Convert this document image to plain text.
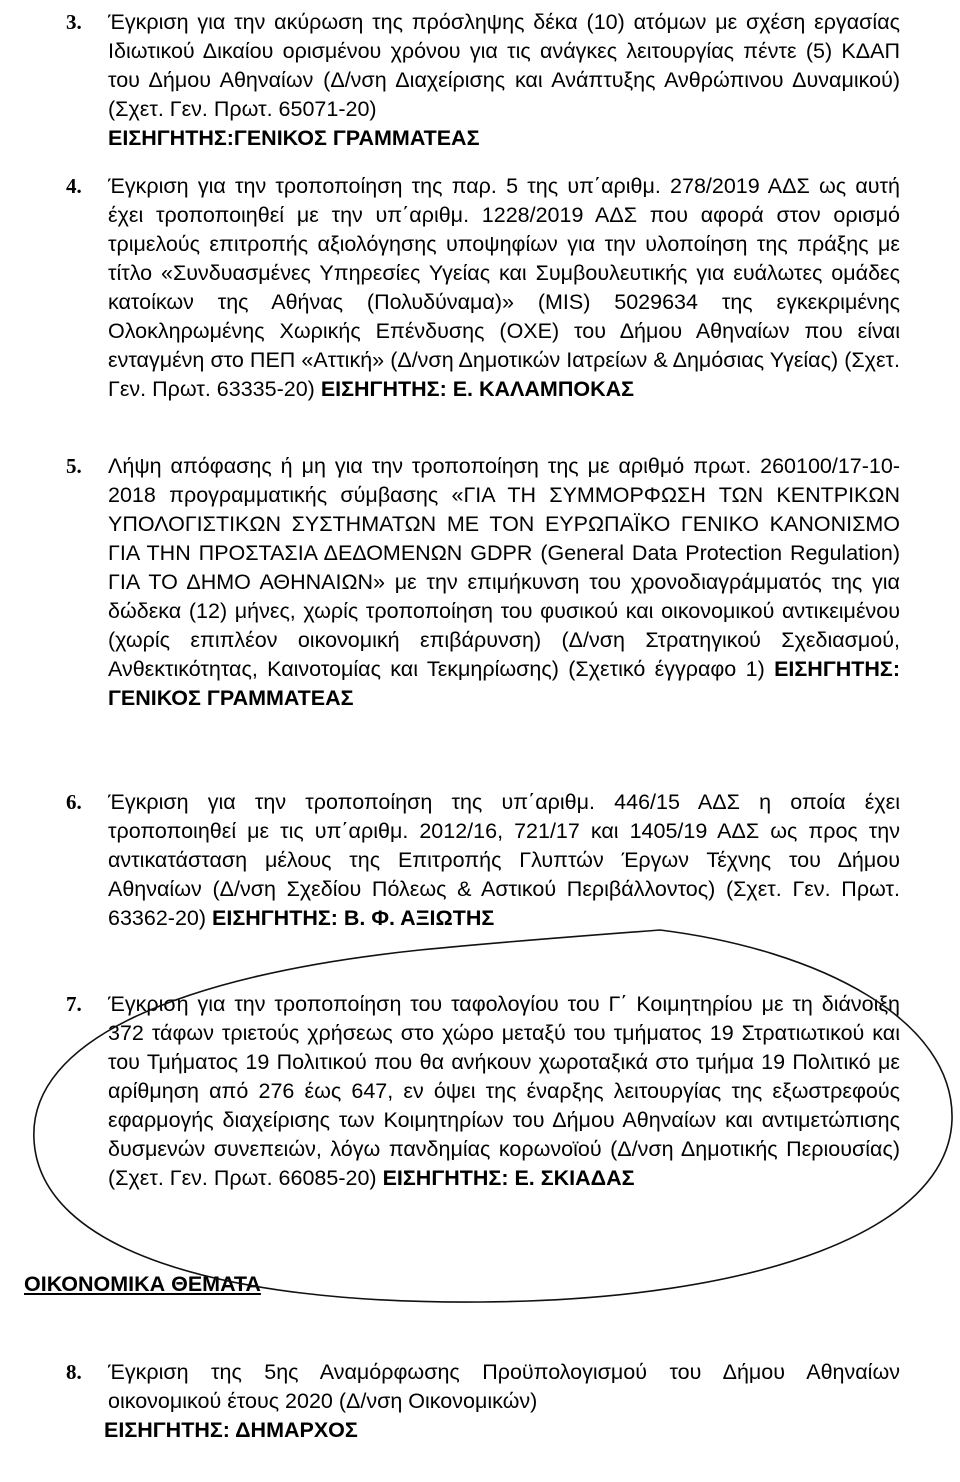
3.	Έγκριση για την ακύρωση της πρόσληψης δέκα (10) ατόμων με σχέση εργασίας Ιδιωτικού Δικαίου ορισμένου χρόνου για τις ανάγκες λειτουργίας πέντε (5) ΚΔΑΠ του Δήμου Αθηναίων (Δ/νση Διαχείρισης και Ανάπτυξης Ανθρώπινου Δυναμικού) (Σχετ. Γεν. Πρωτ. 65071-20)
ΕΙΣΗΓΗΤΗΣ:ΓΕΝΙΚΟΣ ΓΡΑΜΜΑΤΕΑΣ
4.	Έγκριση για την τροποποίηση της παρ. 5 της υπ΄αριθμ. 278/2019 ΑΔΣ ως αυτή έχει τροποποιηθεί με την υπ΄αριθμ. 1228/2019 ΑΔΣ που αφορά στον ορισμό τριμελούς επιτροπής αξιολόγησης υποψηφίων για την υλοποίηση της πράξης με τίτλο «Συνδυασμένες Υπηρεσίες Υγείας και Συμβουλευτικής για ευάλωτες ομάδες κατοίκων της Αθήνας (Πολυδύναμα)» (MIS) 5029634 της εγκεκριμένης Ολοκληρωμένης Χωρικής Επένδυσης (ΟΧΕ) του Δήμου Αθηναίων που είναι ενταγμένη στο ΠΕΠ «Αττική» (Δ/νση Δημοτικών Ιατρείων & Δημόσιας Υγείας) (Σχετ. Γεν. Πρωτ. 63335-20) ΕΙΣΗΓΗΤΗΣ: Ε. ΚΑΛΑΜΠΟΚΑΣ
5.	Λήψη απόφασης ή μη για την τροποποίηση της με αριθμό πρωτ. 260100/17-10-2018 προγραμματικής σύμβασης «ΓΙΑ ΤΗ ΣΥΜΜΟΡΦΩΣΗ ΤΩΝ ΚΕΝΤΡΙΚΩΝ ΥΠΟΛΟΓΙΣΤΙΚΩΝ ΣΥΣΤΗΜΑΤΩΝ ΜΕ ΤΟΝ ΕΥΡΩΠΑΪΚΟ ΓΕΝΙΚΟ ΚΑΝΟΝΙΣΜΟ ΓΙΑ ΤΗΝ ΠΡΟΣΤΑΣΙΑ ΔΕΔΟΜΕΝΩΝ GDPR (General Data Protection Regulation) ΓΙΑ ΤΟ ΔΗΜΟ ΑΘΗΝΑΙΩΝ» με την επιμήκυνση του χρονοδιαγράμματός της για δώδεκα (12) μήνες, χωρίς τροποποίηση του φυσικού και οικονομικού αντικειμένου (χωρίς επιπλέον οικονομική επιβάρυνση) (Δ/νση Στρατηγικού Σχεδιασμού, Ανθεκτικότητας, Καινοτομίας και Τεκμηρίωσης) (Σχετικό έγγραφο 1) ΕΙΣΗΓΗΤΗΣ: ΓΕΝΙΚΟΣ ΓΡΑΜΜΑΤΕΑΣ
6.	Έγκριση για την τροποποίηση της υπ΄αριθμ. 446/15 ΑΔΣ η οποία έχει τροποποιηθεί με τις υπ΄αριθμ. 2012/16, 721/17 και 1405/19 ΑΔΣ ως προς την αντικατάσταση μέλους της Επιτροπής Γλυπτών Έργων Τέχνης του Δήμου Αθηναίων (Δ/νση Σχεδίου Πόλεως & Αστικού Περιβάλλοντος) (Σχετ. Γεν. Πρωτ. 63362-20) ΕΙΣΗΓΗΤΗΣ: Β. Φ. ΑΞΙΩΤΗΣ
7.	Έγκριση για την τροποποίηση του ταφολογίου του Γ΄ Κοιμητηρίου με τη διάνοιξη 372 τάφων τριετούς χρήσεως στο χώρο μεταξύ του τμήματος 19 Στρατιωτικού και του Τμήματος 19 Πολιτικού που θα ανήκουν χωροταξικά στο τμήμα 19 Πολιτικό με αρίθμηση από 276 έως 647, εν όψει της έναρξης λειτουργίας της εξωστρεφούς εφαρμογής διαχείρισης των Κοιμητηρίων του Δήμου Αθηναίων και αντιμετώπισης δυσμενών συνεπειών, λόγω πανδημίας κορωνοϊού (Δ/νση Δημοτικής Περιουσίας) (Σχετ. Γεν. Πρωτ. 66085-20) ΕΙΣΗΓΗΤΗΣ: Ε. ΣΚΙΑΔΑΣ
ΟΙΚΟΝΟΜΙΚΑ ΘΕΜΑΤΑ
8.	Έγκριση της 5ης Αναμόρφωσης Προϋπολογισμού του Δήμου Αθηναίων οικονομικού έτους 2020 (Δ/νση Οικονομικών)
ΕΙΣΗΓΗΤΗΣ: ΔΗΜΑΡΧΟΣ
